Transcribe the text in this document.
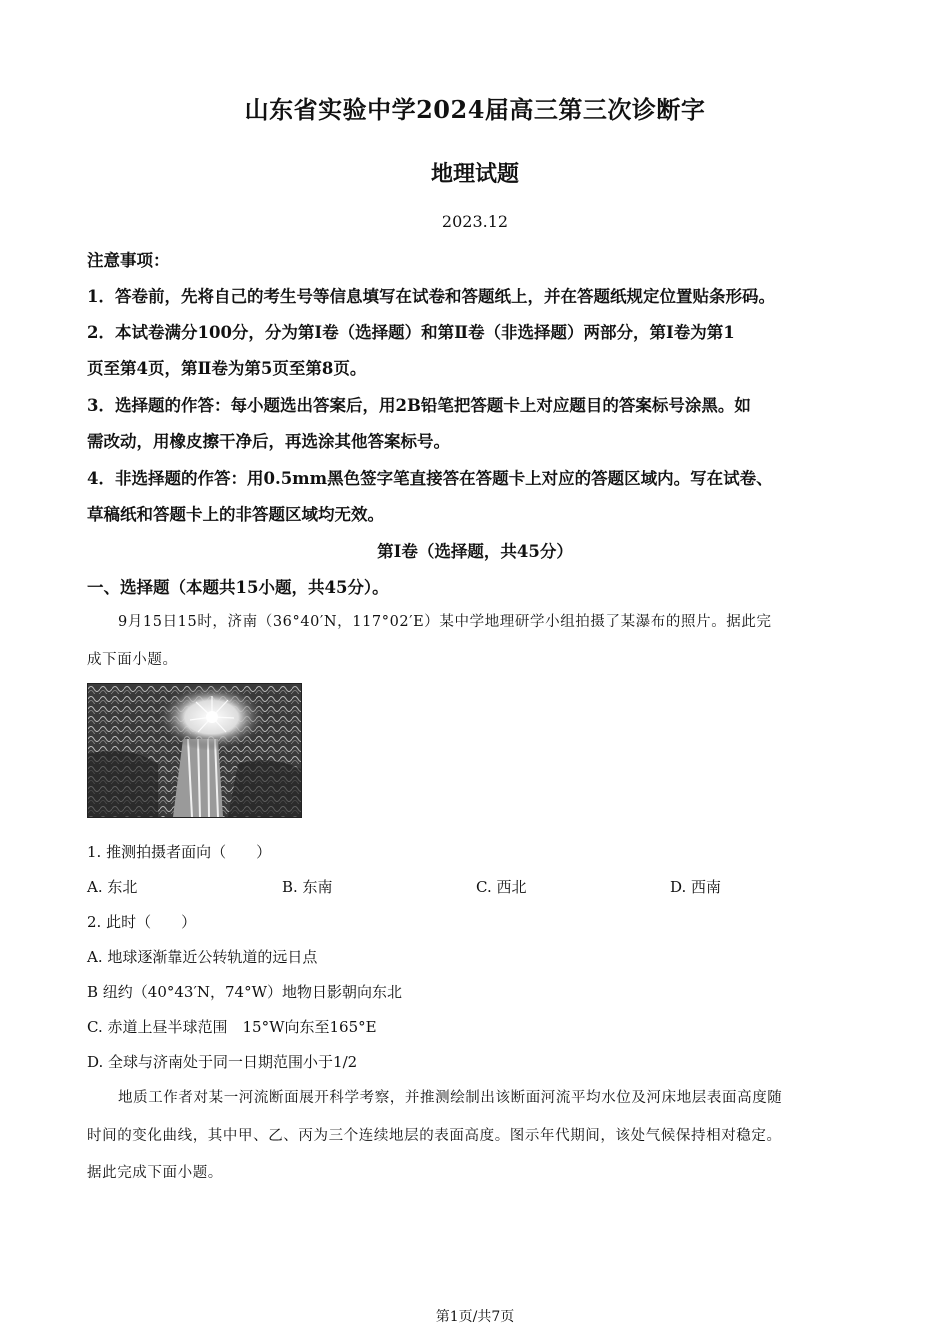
山东省实验中学2024届高三第三次诊断字
地理试题
2023.12
注意事项：
1．答卷前，先将自己的考生号等信息填写在试卷和答题纸上，并在答题纸规定位置贴条形码。
2．本试卷满分100分，分为第Ⅰ卷（选择题）和第Ⅱ卷（非选择题）两部分，第Ⅰ卷为第1
页至第4页，第Ⅱ卷为第5页至第8页。
3．选择题的作答：每小题选出答案后，用2B铅笔把答题卡上对应题目的答案标号涂黑。如
需改动，用橡皮擦干净后，再选涂其他答案标号。
4．非选择题的作答：用0.5mm黑色签字笔直接答在答题卡上对应的答题区域内。写在试卷、
草稿纸和答题卡上的非答题区域均无效。
第Ⅰ卷（选择题，共45分）
一、选择题（本题共15小题，共45分）。
9月15日15时，济南（36°40′N，117°02′E）某中学地理研学小组拍摄了某瀑布的照片。据此完
成下面小题。
1. 推测拍摄者面向（　　）
A. 东北	B. 东南	C. 西北	D. 西南
2. 此时（　　）
A. 地球逐渐靠近公转轨道的远日点
B 纽约（40°43′N，74°W）地物日影朝向东北
C. 赤道上昼半球范围　15°W向东至165°E
D. 全球与济南处于同一日期范围小于1/2
地质工作者对某一河流断面展开科学考察，并推测绘制出该断面河流平均水位及河床地层表面高度随
时间的变化曲线，其中甲、乙、丙为三个连续地层的表面高度。图示年代期间，该处气候保持相对稳定。
据此完成下面小题。
第1页/共7页
